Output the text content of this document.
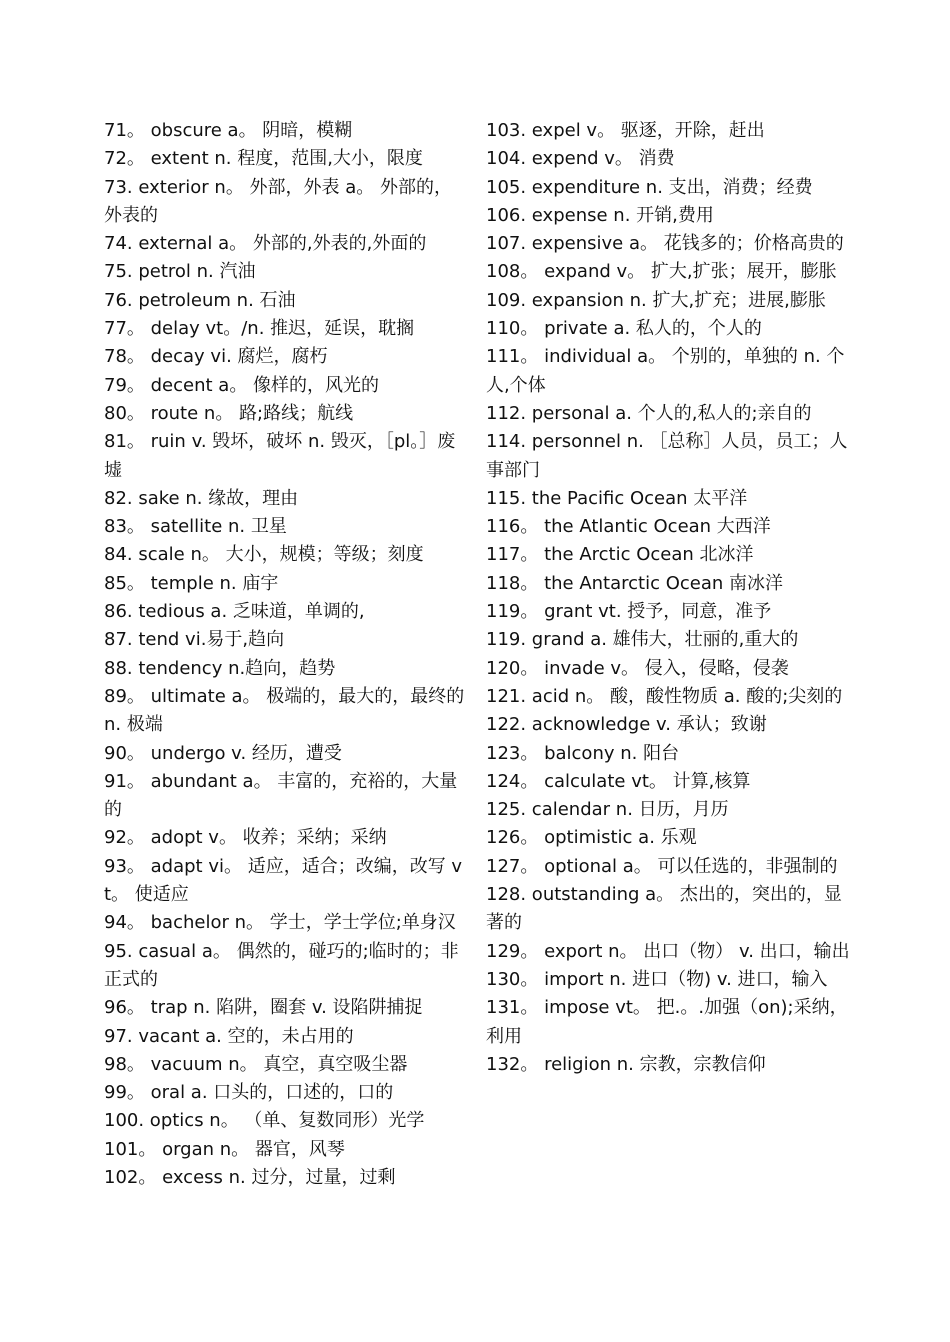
71。 obscure a。 阴暗，模糊

72。 extent n. 程度，范围,大小，限度

73. exterior n。 外部，外表 a。 外部的，外表的

74. external a。 外部的,外表的,外面的

75. petrol n. 汽油

76. petroleum n. 石油

77。 delay vt。/n. 推迟，延误，耽搁

78。 decay vi. 腐烂，腐朽

79。 decent a。 像样的，风光的

80。 route n。 路;路线；航线

81。 ruin v. 毁坏，破坏 n. 毁灭，［pl。］废墟

82. sake n. 缘故，理由

83。 satellite n. 卫星

84. scale n。 大小，规模；等级；刻度

85。 temple n. 庙宇

86. tedious a. 乏味道，单调的,

87. tend vi.易于,趋向

88. tendency n.趋向，趋势

89。 ultimate a。 极端的，最大的，最终的 n. 极端

90。 undergo v. 经历，遭受

91。 abundant a。 丰富的，充裕的，大量的

92。 adopt v。 收养；采纳；采纳

93。 adapt vi。 适应，适合；改编，改写 vt。 使适应

94。 bachelor n。 学士，学士学位;单身汉

95. casual a。 偶然的，碰巧的;临时的；非正式的

96。 trap n. 陷阱，圈套 v. 设陷阱捕捉

97. vacant a. 空的，未占用的

98。 vacuum n。 真空，真空吸尘器

99。 oral a. 口头的，口述的，口的

100. optics n。 （单、复数同形）光学

101。 organ n。 器官，风琴

102。 excess n. 过分，过量，过剩

103. expel v。 驱逐，开除，赶出

104. expend v。 消费

105. expenditure n. 支出，消费；经费

106. expense n. 开销,费用

107. expensive a。 花钱多的；价格高贵的

108。 expand v。 扩大,扩张；展开，膨胀

109. expansion n. 扩大,扩充；进展,膨胀

110。 private a. 私人的，个人的

111。 individual a。 个别的，单独的 n. 个人,个体

112. personal a. 个人的,私人的;亲自的

114. personnel n. ［总称］人员，员工；人事部门

115. the Pacific Ocean 太平洋

116。 the Atlantic Ocean 大西洋

117。 the Arctic Ocean 北冰洋

118。 the Antarctic Ocean 南冰洋

119。 grant vt. 授予，同意，准予

119. grand a. 雄伟大，壮丽的,重大的

120。 invade v。 侵入，侵略，侵袭

121. acid n。 酸，酸性物质 a. 酸的;尖刻的

122. acknowledge v. 承认；致谢

123。 balcony n. 阳台

124。 calculate vt。 计算,核算

125. calendar n. 日历，月历

126。 optimistic a. 乐观

127。 optional a。 可以任选的，非强制的

128. outstanding a。 杰出的，突出的，显著的

129。 export n。 出口（物） v. 出口，输出

130。 import n. 进口（物) v. 进口，输入

131。 impose vt。 把.。.加强（on);采纳，利用

132。 religion n. 宗教，宗教信仰
